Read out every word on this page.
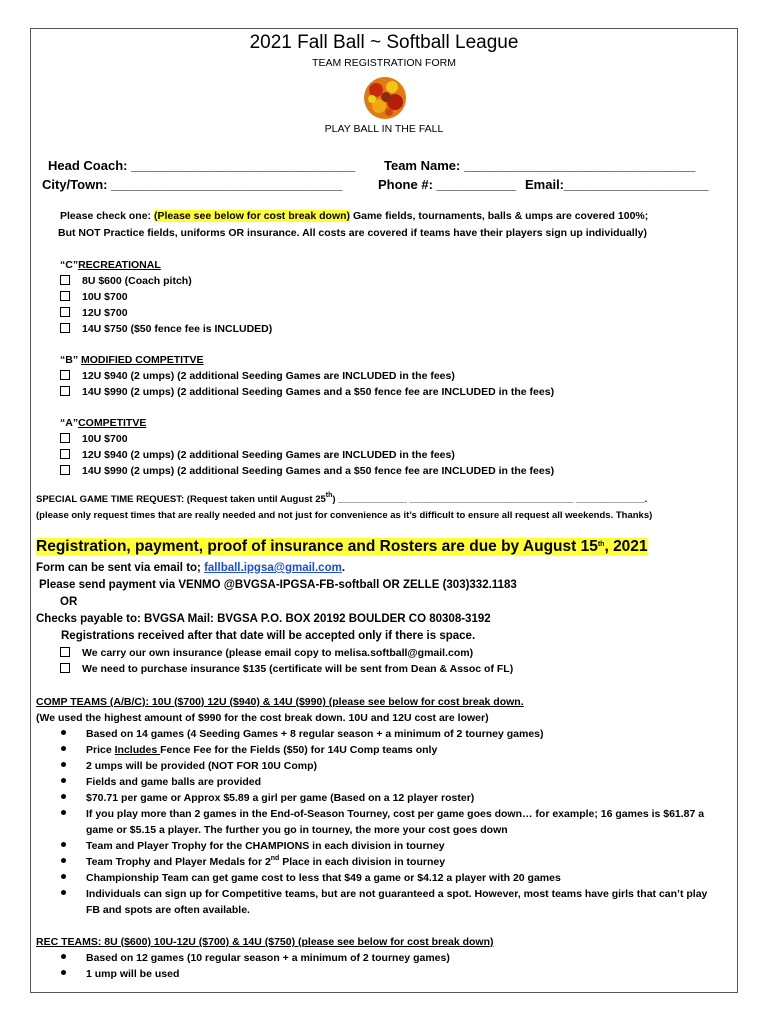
2021 Fall Ball ~ Softball League
TEAM REGISTRATION FORM
PLAY BALL IN THE FALL
Head Coach: _______________________________ Team Name: ________________________________
City/Town: ________________________________	Phone #: ___________ Email:____________________
Please check one: (Please see below for cost break down) Game fields, tournaments, balls & umps are covered 100%;
But NOT Practice fields, uniforms OR insurance. All costs are covered if teams have their players sign up individually)
“C”RECREATIONAL
8U $600 (Coach pitch)
10U $700
12U $700
14U $750 ($50 fence fee is INCLUDED)
“B” MODIFIED COMPETITVE
12U $940 (2 umps) (2 additional Seeding Games are INCLUDED in the fees)
14U $990 (2 umps) (2 additional Seeding Games and a $50 fence fee are INCLUDED in the fees)
“A”COMPETITVE
10U $700
12U $940 (2 umps) (2 additional Seeding Games are INCLUDED in the fees)
14U $990 (2 umps) (2 additional Seeding Games and a $50 fence fee are INCLUDED in the fees)
SPECIAL GAME TIME REQUEST: (Request taken until August 25th) _____________ _______________________________ _____________.
(please only request times that are really needed and not just for convenience as it’s difficult to ensure all request all weekends. Thanks)
Registration, payment, proof of insurance and Rosters are due by August 15th, 2021
Form can be sent via email to; fallball.ipgsa@gmail.com.
Please send payment via VENMO @BVGSA-IPGSA-FB-softball OR ZELLE (303)332.1183
OR
Checks payable to: BVGSA Mail: BVGSA P.O. BOX 20192 BOULDER CO 80308-3192
Registrations received after that date will be accepted only if there is space.
We carry our own insurance (please email copy to melisa.softball@gmail.com)
We need to purchase insurance $135 (certificate will be sent from Dean & Assoc of FL)
COMP TEAMS (A/B/C): 10U ($700) 12U ($940) & 14U ($990) (please see below for cost break down.
(We used the highest amount of $990 for the cost break down. 10U and 12U cost are lower)
Based on 14 games (4 Seeding Games + 8 regular season + a minimum of 2 tourney games)
Price Includes Fence Fee for the Fields ($50) for 14U Comp teams only
2 umps will be provided (NOT FOR 10U Comp)
Fields and game balls are provided
$70.71 per game or Approx $5.89 a girl per game (Based on a 12 player roster)
If you play more than 2 games in the End-of-Season Tourney, cost per game goes down… for example; 16 games is $61.87 a
game or $5.15 a player. The further you go in tourney, the more your cost goes down
Team and Player Trophy for the CHAMPIONS in each division in tourney
Team Trophy and Player Medals for 2nd Place in each division in tourney
Championship Team can get game cost to less that $49 a game or $4.12 a player with 20 games
Individuals can sign up for Competitive teams, but are not guaranteed a spot. However, most teams have girls that can’t play
FB and spots are often available.
REC TEAMS: 8U ($600) 10U-12U ($700) & 14U ($750) (please see below for cost break down)
Based on 12 games (10 regular season + a minimum of 2 tourney games)
1 ump will be used
